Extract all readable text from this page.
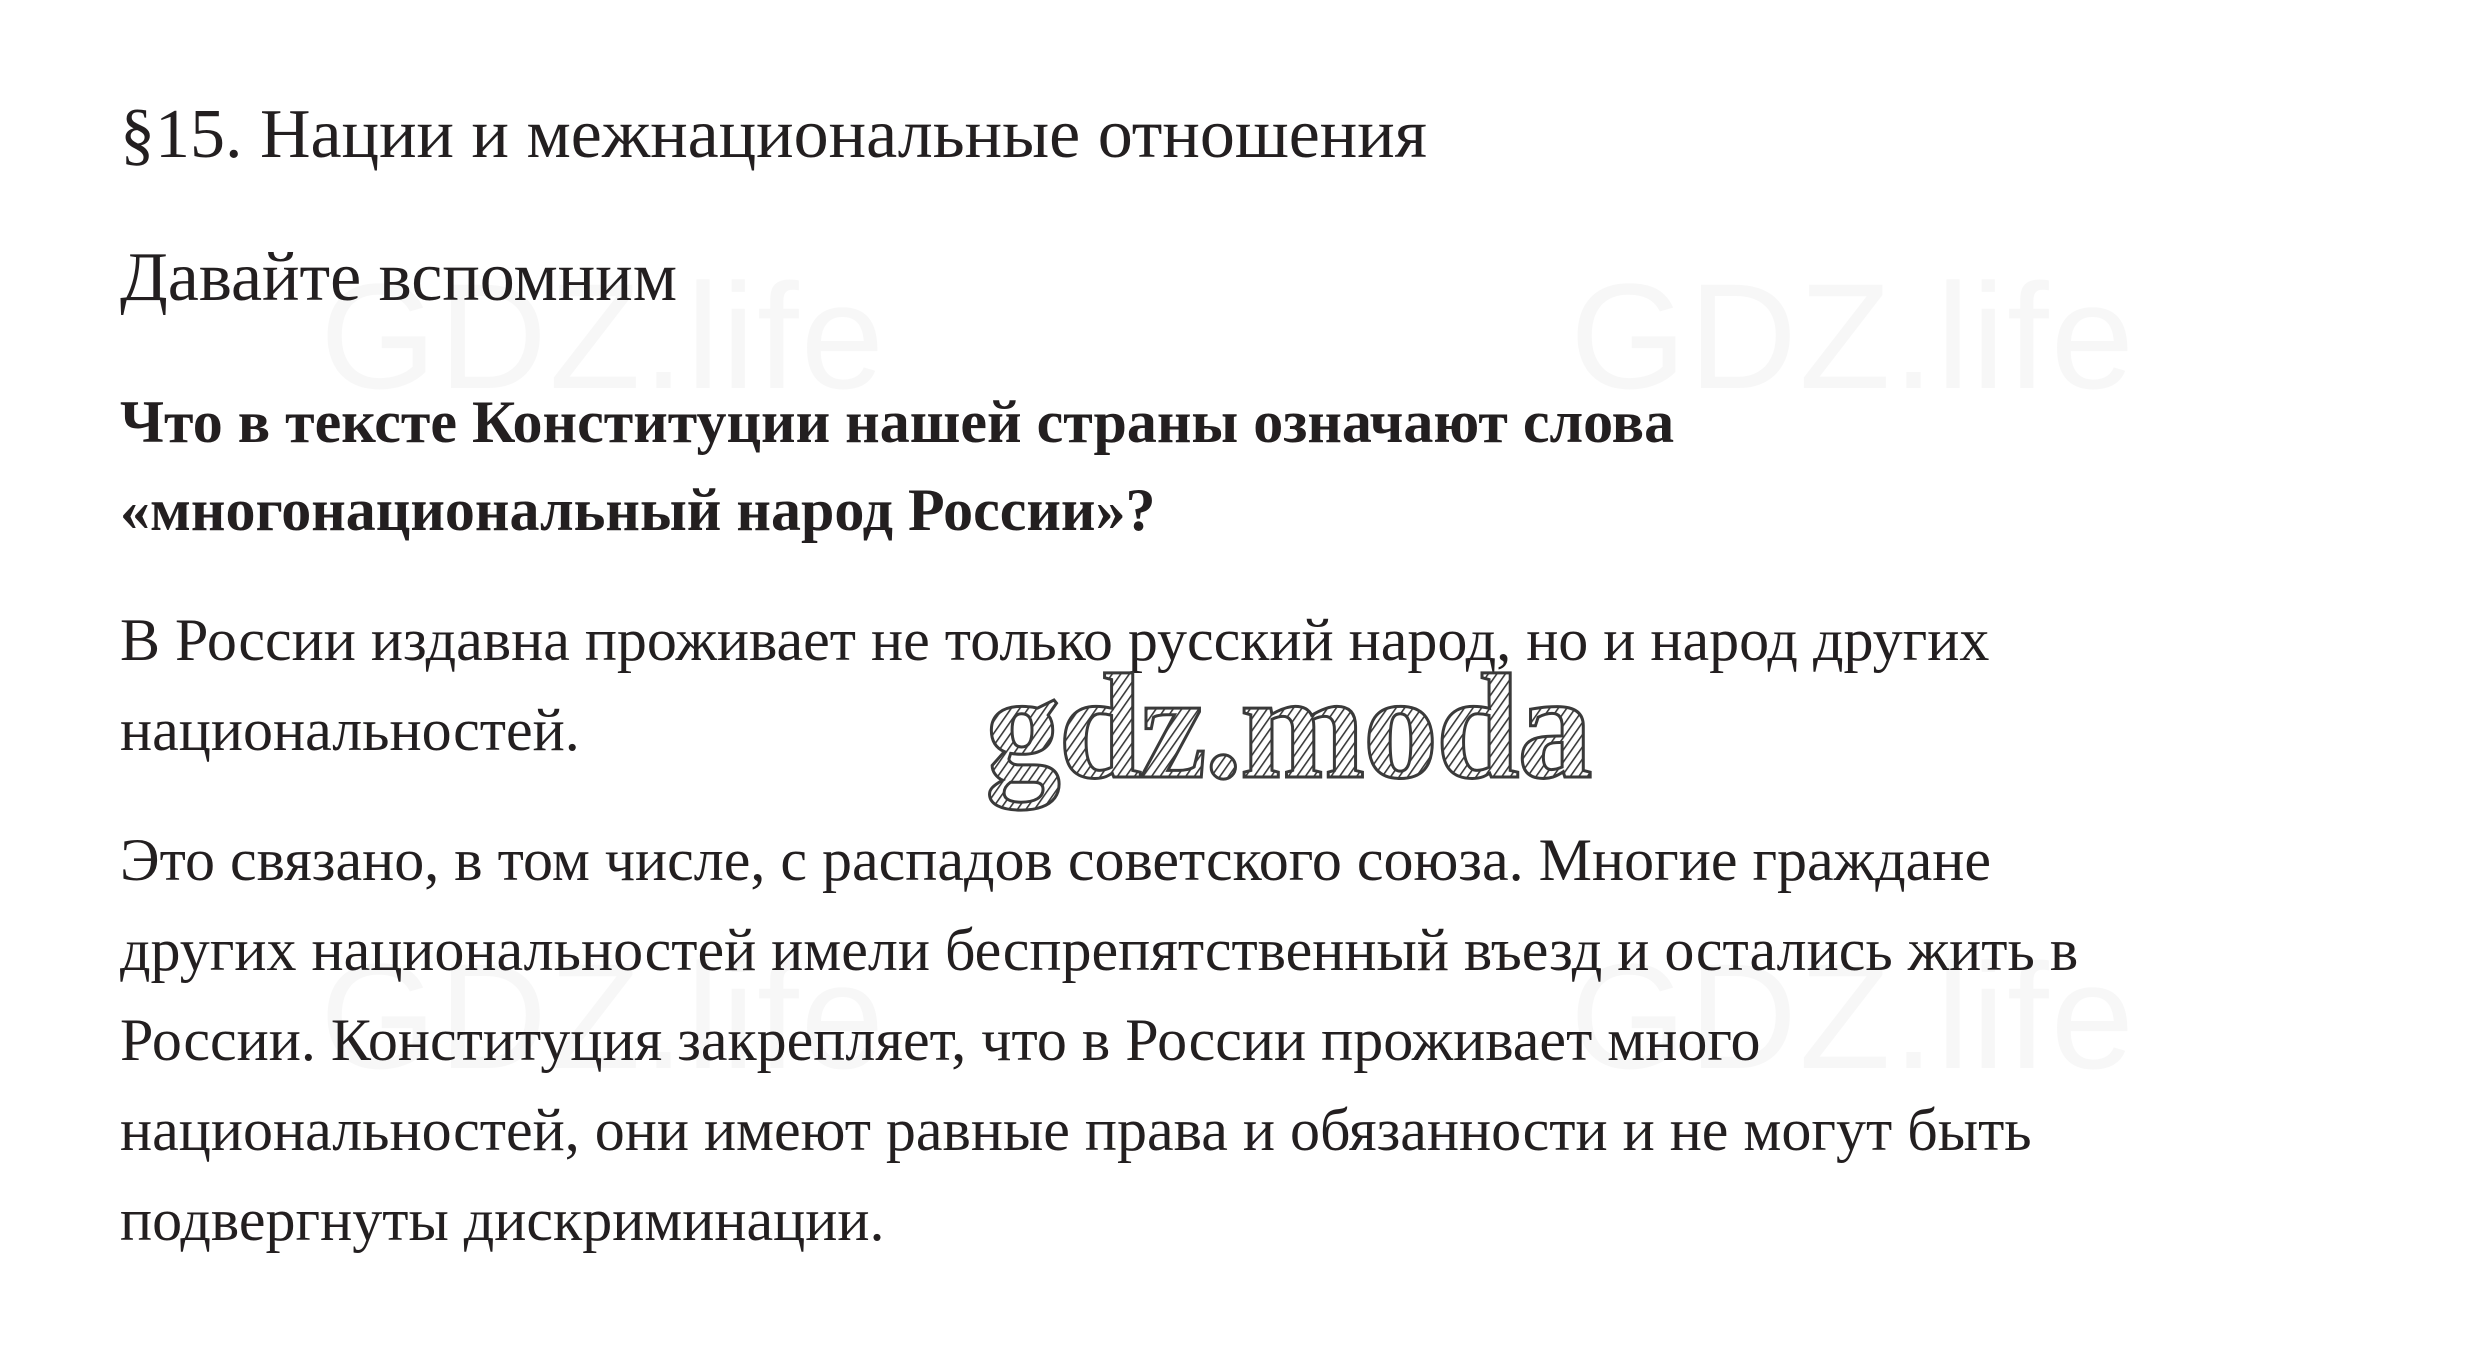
§15. Нации и межнациональные отношения
Давайте вспомним

Что в тексте Конституции нашей страны означают слова
«многонациональный народ России»?

В России издавна проживает не только русский народ, но и народ других
национальностей.

Это связано, в том числе, с распадов советского союза. Многие граждане
других национальностей имели беспрепятственный въезд и остались жить в
России. Конституция закрепляет, что в России проживает много
национальностей, они имеют равные права и обязанности и не могут быть
подвергнуты дискриминации.

gdz.moda
